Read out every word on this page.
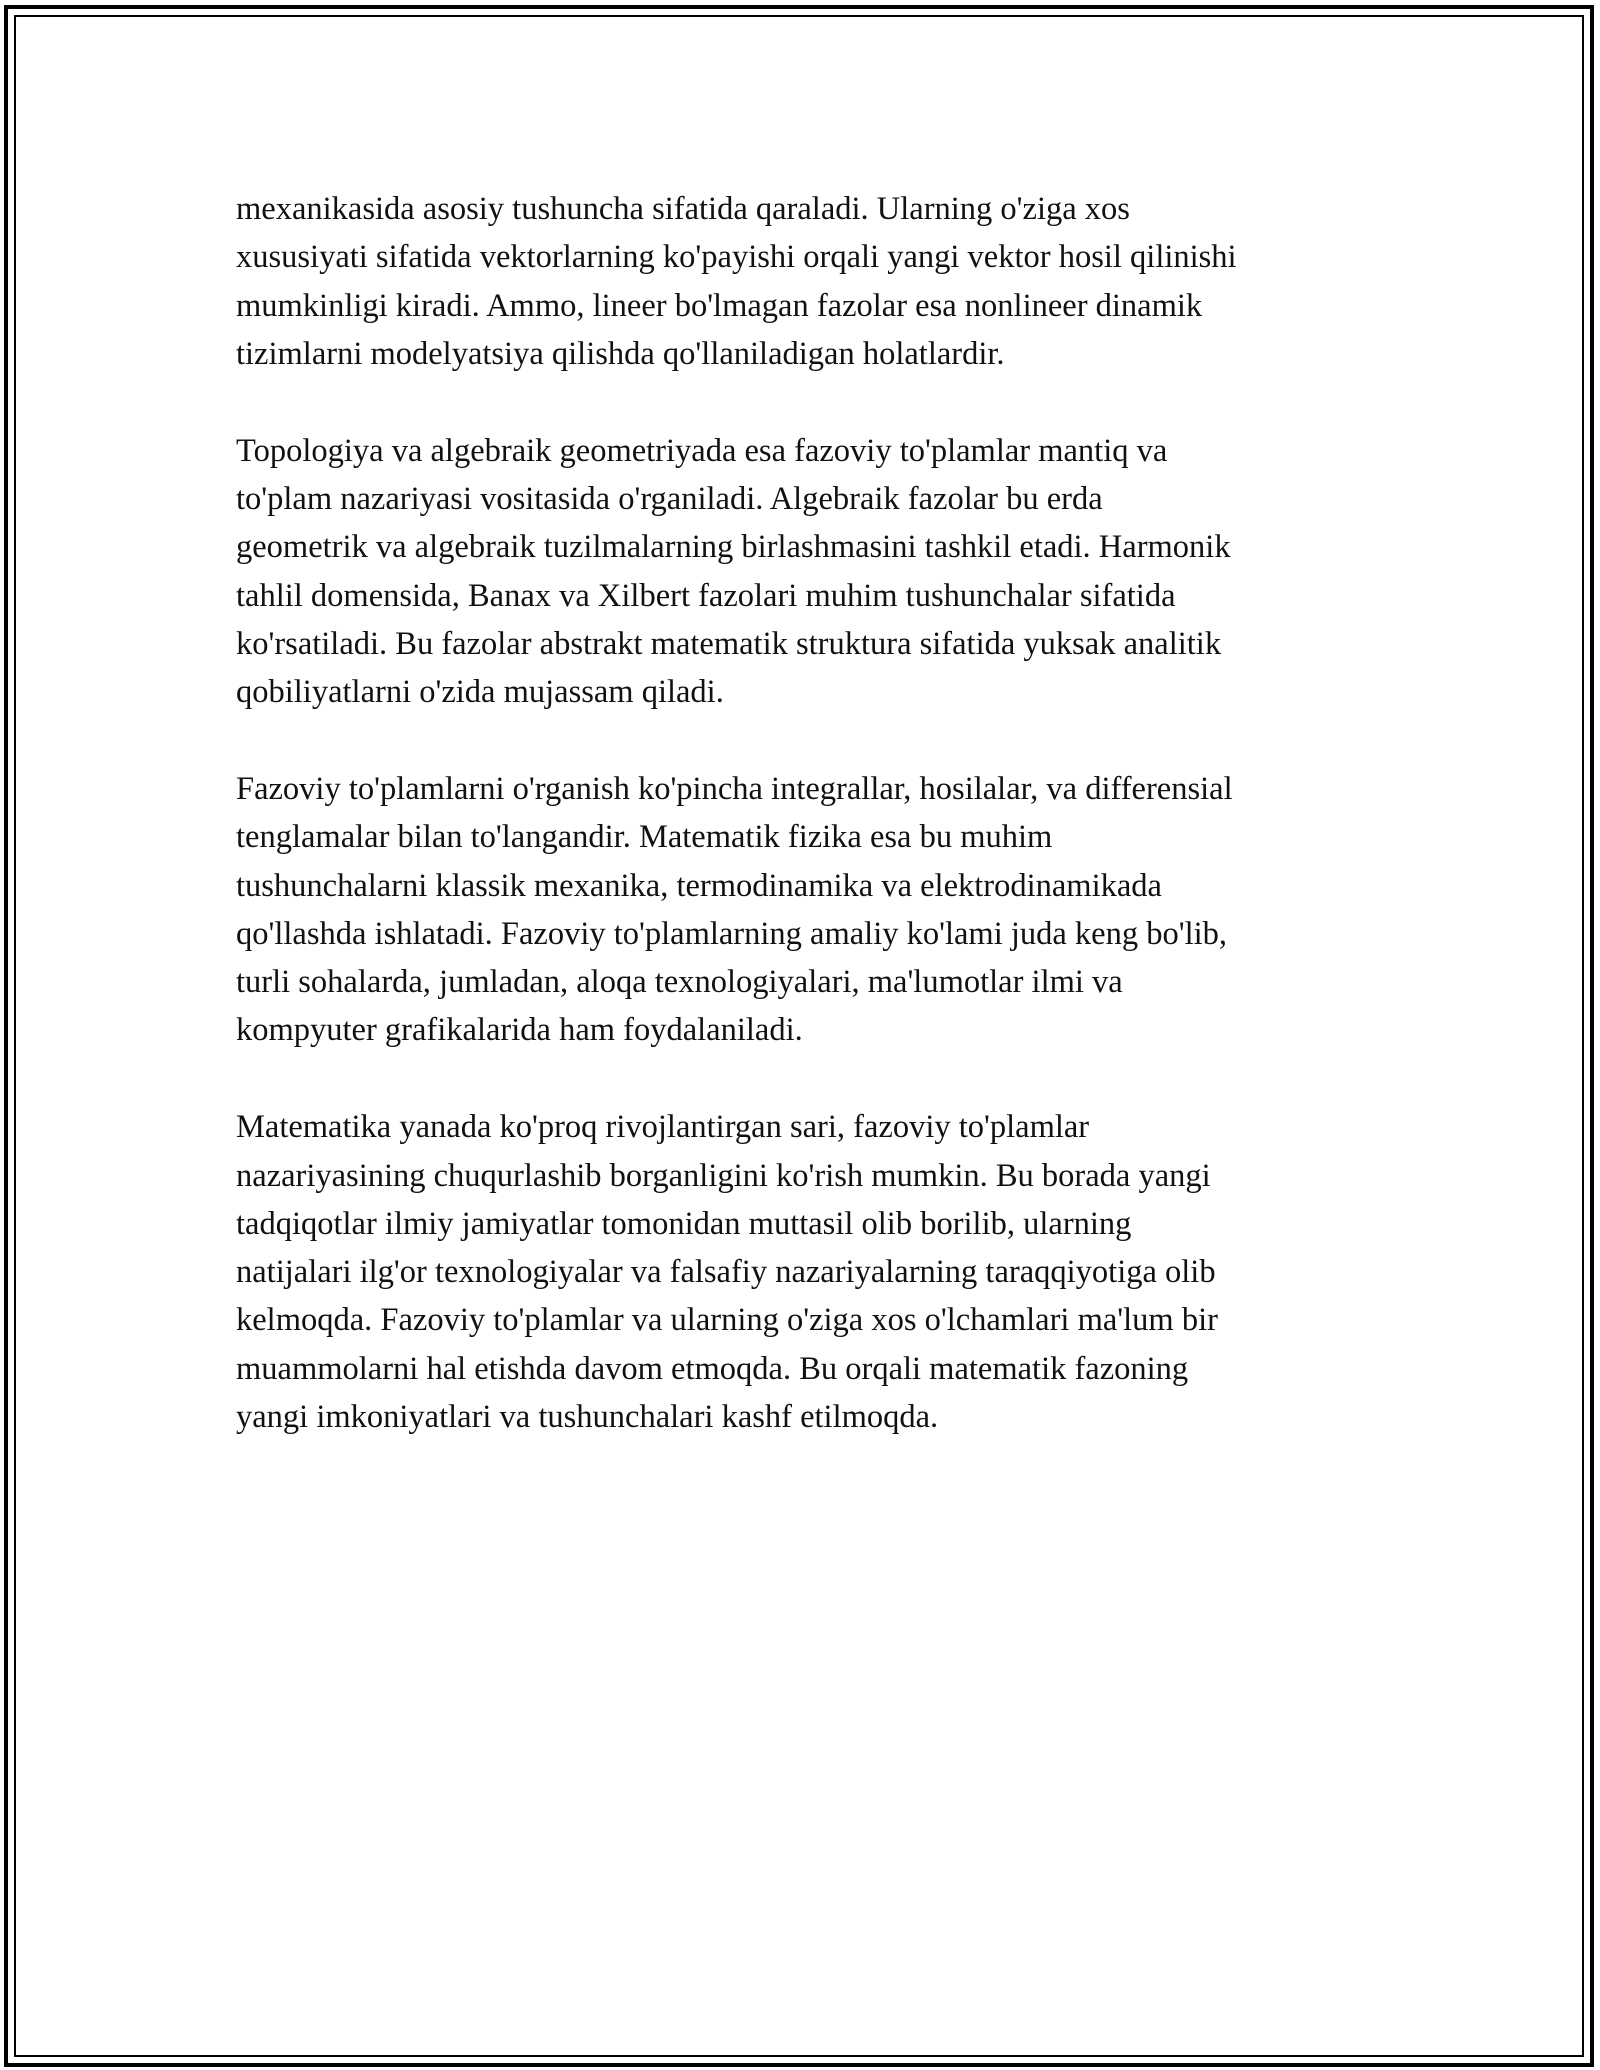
mexanikasida asosiy tushuncha sifatida qaraladi. Ularning o'ziga xos
xususiyati sifatida vektorlarning ko'payishi orqali yangi vektor hosil qilinishi
mumkinligi kiradi. Ammo, lineer bo'lmagan fazolar esa nonlineer dinamik
tizimlarni modelyatsiya qilishda qo'llaniladigan holatlardir.

Topologiya va algebraik geometriyada esa fazoviy to'plamlar mantiq va
to'plam nazariyasi vositasida o'rganiladi. Algebraik fazolar bu erda
geometrik va algebraik tuzilmalarning birlashmasini tashkil etadi. Harmonik
tahlil domensida, Banax va Xilbert fazolari muhim tushunchalar sifatida
ko'rsatiladi. Bu fazolar abstrakt matematik struktura sifatida yuksak analitik
qobiliyatlarni o'zida mujassam qiladi.

Fazoviy to'plamlarni o'rganish ko'pincha integrallar, hosilalar, va differensial
tenglamalar bilan to'langandir. Matematik fizika esa bu muhim
tushunchalarni klassik mexanika, termodinamika va elektrodinamikada
qo'llashda ishlatadi. Fazoviy to'plamlarning amaliy ko'lami juda keng bo'lib,
turli sohalarda, jumladan, aloqa texnologiyalari, ma'lumotlar ilmi va
kompyuter grafikalarida ham foydalaniladi.

Matematika yanada ko'proq rivojlantirgan sari, fazoviy to'plamlar
nazariyasining chuqurlashib borganligini ko'rish mumkin. Bu borada yangi
tadqiqotlar ilmiy jamiyatlar tomonidan muttasil olib borilib, ularning
natijalari ilg'or texnologiyalar va falsafiy nazariyalarning taraqqiyotiga olib
kelmoqda. Fazoviy to'plamlar va ularning o'ziga xos o'lchamlari ma'lum bir
muammolarni hal etishda davom etmoqda. Bu orqali matematik fazoning
yangi imkoniyatlari va tushunchalari kashf etilmoqda.
